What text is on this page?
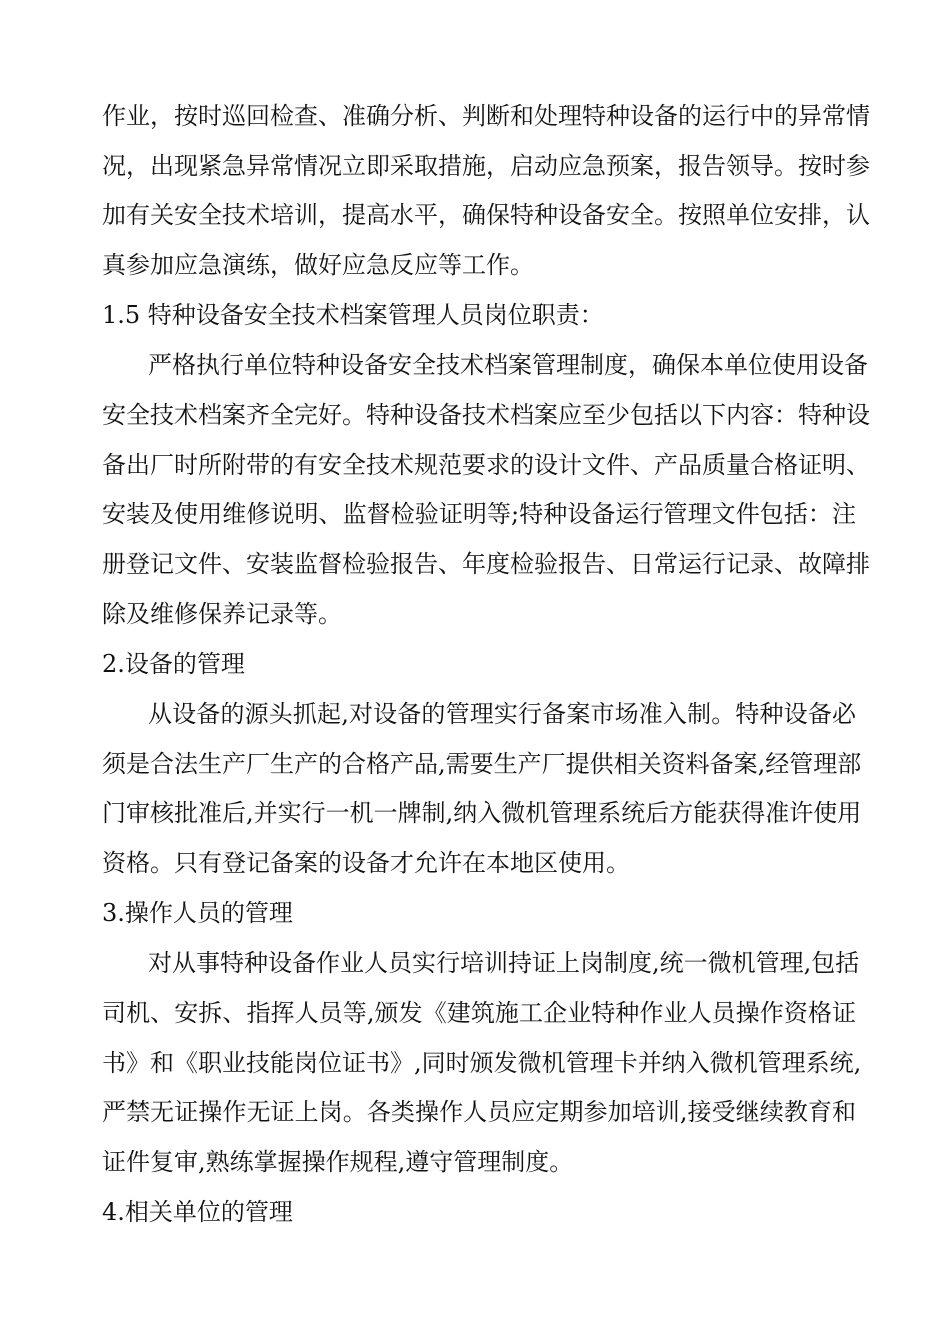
作业，按时巡回检查、准确分析、判断和处理特种设备的运行中的异常情
况，出现紧急异常情况立即采取措施，启动应急预案，报告领导。按时参
加有关安全技术培训，提高水平，确保特种设备安全。按照单位安排，认
真参加应急演练，做好应急反应等工作。
1.5 特种设备安全技术档案管理人员岗位职责：
严格执行单位特种设备安全技术档案管理制度，确保本单位使用设备
安全技术档案齐全完好。特种设备技术档案应至少包括以下内容：特种设
备出厂时所附带的有安全技术规范要求的设计文件、产品质量合格证明、
安装及使用维修说明、监督检验证明等;特种设备运行管理文件包括：注
册登记文件、安装监督检验报告、年度检验报告、日常运行记录、故障排
除及维修保养记录等。
2.设备的管理
从设备的源头抓起,对设备的管理实行备案市场准入制。特种设备必
须是合法生产厂生产的合格产品,需要生产厂提供相关资料备案,经管理部
门审核批准后,并实行一机一牌制,纳入微机管理系统后方能获得准许使用
资格。只有登记备案的设备才允许在本地区使用。
3.操作人员的管理
对从事特种设备作业人员实行培训持证上岗制度,统一微机管理,包括
司机、安拆、指挥人员等,颁发《建筑施工企业特种作业人员操作资格证
书》和《职业技能岗位证书》,同时颁发微机管理卡并纳入微机管理系统,
严禁无证操作无证上岗。各类操作人员应定期参加培训,接受继续教育和
证件复审,熟练掌握操作规程,遵守管理制度。
4.相关单位的管理
